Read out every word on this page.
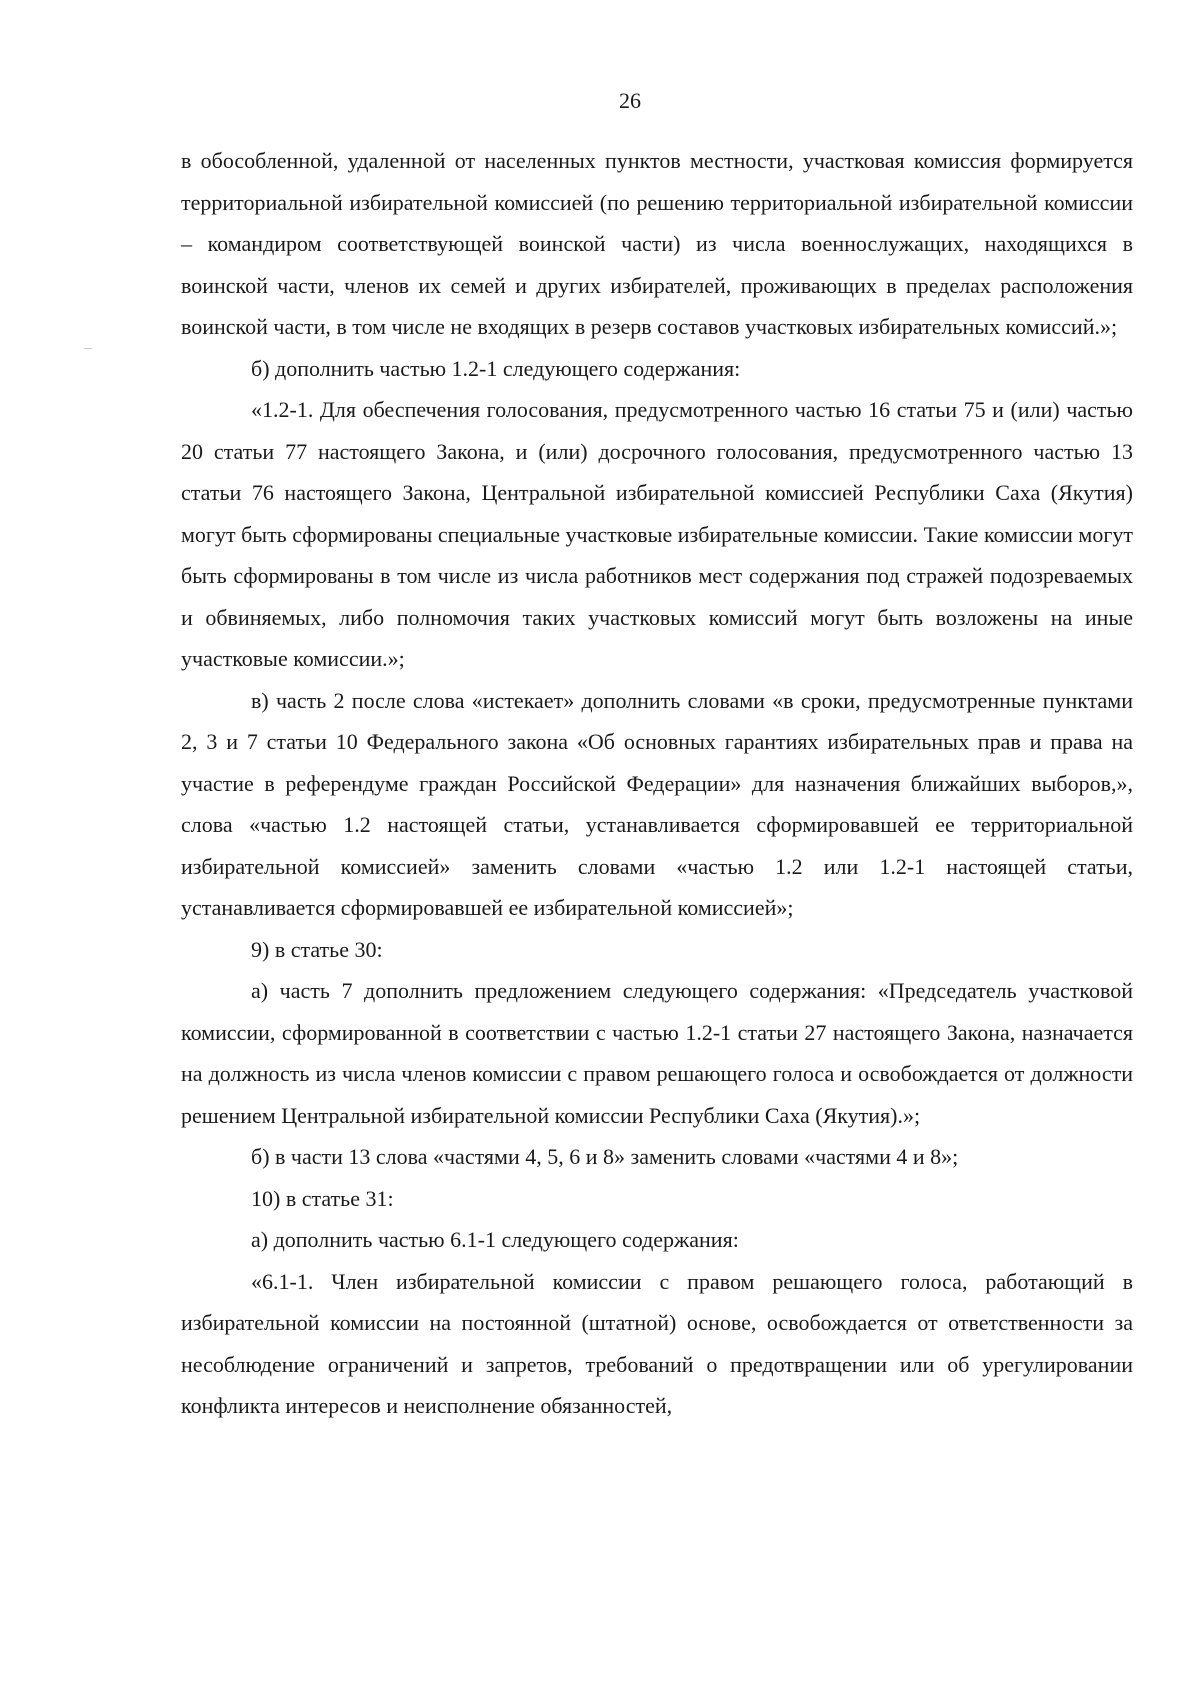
26

в обособленной, удаленной от населенных пунктов местности, участковая комиссия формируется территориальной избирательной комиссией (по решению территориальной избирательной комиссии – командиром соответствующей воинской части) из числа военнослужащих, находящихся в воинской части, членов их семей и других избирателей, проживающих в пределах расположения воинской части, в том числе не входящих в резерв составов участковых избирательных комиссий.»;

б) дополнить частью 1.2-1 следующего содержания:

«1.2-1. Для обеспечения голосования, предусмотренного частью 16 статьи 75 и (или) частью 20 статьи 77 настоящего Закона, и (или) досрочного голосования, предусмотренного частью 13 статьи 76 настоящего Закона, Центральной избирательной комиссией Республики Саха (Якутия) могут быть сформированы специальные участковые избирательные комиссии. Такие комиссии могут быть сформированы в том числе из числа работников мест содержания под стражей подозреваемых и обвиняемых, либо полномочия таких участковых комиссий могут быть возложены на иные участковые комиссии.»;

в) часть 2 после слова «истекает» дополнить словами «в сроки, предусмотренные пунктами 2, 3 и 7 статьи 10 Федерального закона «Об основных гарантиях избирательных прав и права на участие в референдуме граждан Российской Федерации» для назначения ближайших выборов,», слова «частью 1.2 настоящей статьи, устанавливается сформировавшей ее территориальной избирательной комиссией» заменить словами «частью 1.2 или 1.2-1 настоящей статьи, устанавливается сформировавшей ее избирательной комиссией»;

9) в статье 30:

а) часть 7 дополнить предложением следующего содержания: «Председатель участковой комиссии, сформированной в соответствии с частью 1.2-1 статьи 27 настоящего Закона, назначается на должность из числа членов комиссии с правом решающего голоса и освобождается от должности решением Центральной избирательной комиссии Республики Саха (Якутия).»;

б) в части 13 слова «частями 4, 5, 6 и 8» заменить словами «частями 4 и 8»;

10) в статье 31:

а) дополнить частью 6.1-1 следующего содержания:

«6.1-1. Член избирательной комиссии с правом решающего голоса, работающий в избирательной комиссии на постоянной (штатной) основе, освобождается от ответственности за несоблюдение ограничений и запретов, требований о предотвращении или об урегулировании конфликта интересов и неисполнение обязанностей,
